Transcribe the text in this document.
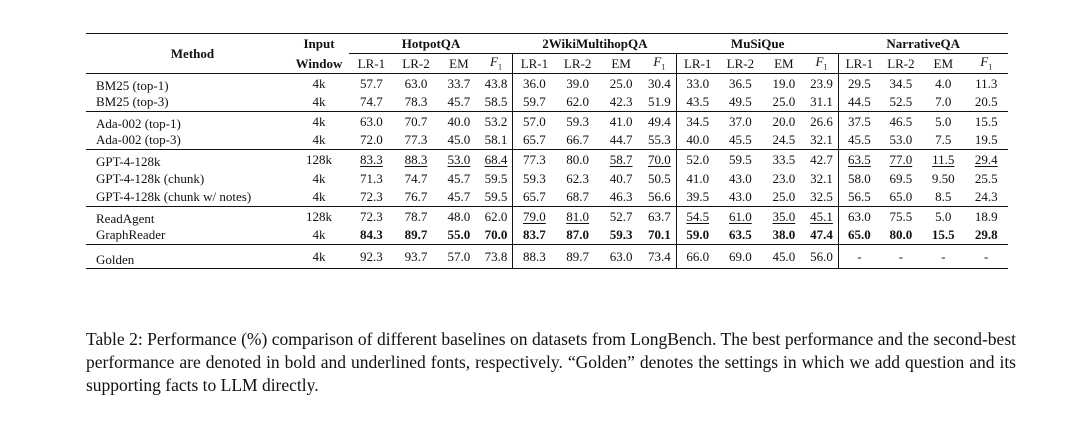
Method	Input	HotpotQA				2WikiMultihopQA				MuSiQue				NarrativeQA			
	Window	LR-1	LR-2	EM	$F_1$	LR-1	LR-2	EM	$F_1$	LR-1	LR-2	EM	$F_1$	LR-1	LR-2	EM	$F_1$
BM25 (top-1)	4k	57.7	63.0	33.7	43.8	36.0	39.0	25.0	30.4	33.0	36.5	19.0	23.9	29.5	34.5	4.0	11.3
BM25 (top-3)	4k	74.7	78.3	45.7	58.5	59.7	62.0	42.3	51.9	43.5	49.5	25.0	31.1	44.5	52.5	7.0	20.5
Ada-002 (top-1)	4k	63.0	70.7	40.0	53.2	57.0	59.3	41.0	49.4	34.5	37.0	20.0	26.6	37.5	46.5	5.0	15.5
Ada-002 (top-3)	4k	72.0	77.3	45.0	58.1	65.7	66.7	44.7	55.3	40.0	45.5	24.5	32.1	45.5	53.0	7.5	19.5
GPT-4-128k	128k	83.3	88.3	53.0	68.4	77.3	80.0	58.7	70.0	52.0	59.5	33.5	42.7	63.5	77.0	11.5	29.4
GPT-4-128k (chunk)	4k	71.3	74.7	45.7	59.5	59.3	62.3	40.7	50.5	41.0	43.0	23.0	32.1	58.0	69.5	9.50	25.5
GPT-4-128k (chunk w/ notes)	4k	72.3	76.7	45.7	59.5	65.7	68.7	46.3	56.6	39.5	43.0	25.0	32.5	56.5	65.0	8.5	24.3
ReadAgent	128k	72.3	78.7	48.0	62.0	79.0	81.0	52.7	63.7	54.5	61.0	35.0	45.1	63.0	75.5	5.0	18.9
GraphReader	4k	84.3	89.7	55.0	70.0	83.7	87.0	59.3	70.1	59.0	63.5	38.0	47.4	65.0	80.0	15.5	29.8
Golden	4k	92.3	93.7	57.0	73.8	88.3	89.7	63.0	73.4	66.0	69.0	45.0	56.0	-	-	-	-
Table 2: Performance (%) comparison of different baselines on datasets from LongBench. The best performance and the second-best performance are denoted in bold and underlined fonts, respectively. “Golden” denotes the settings in which we add question and its supporting facts to LLM directly.
